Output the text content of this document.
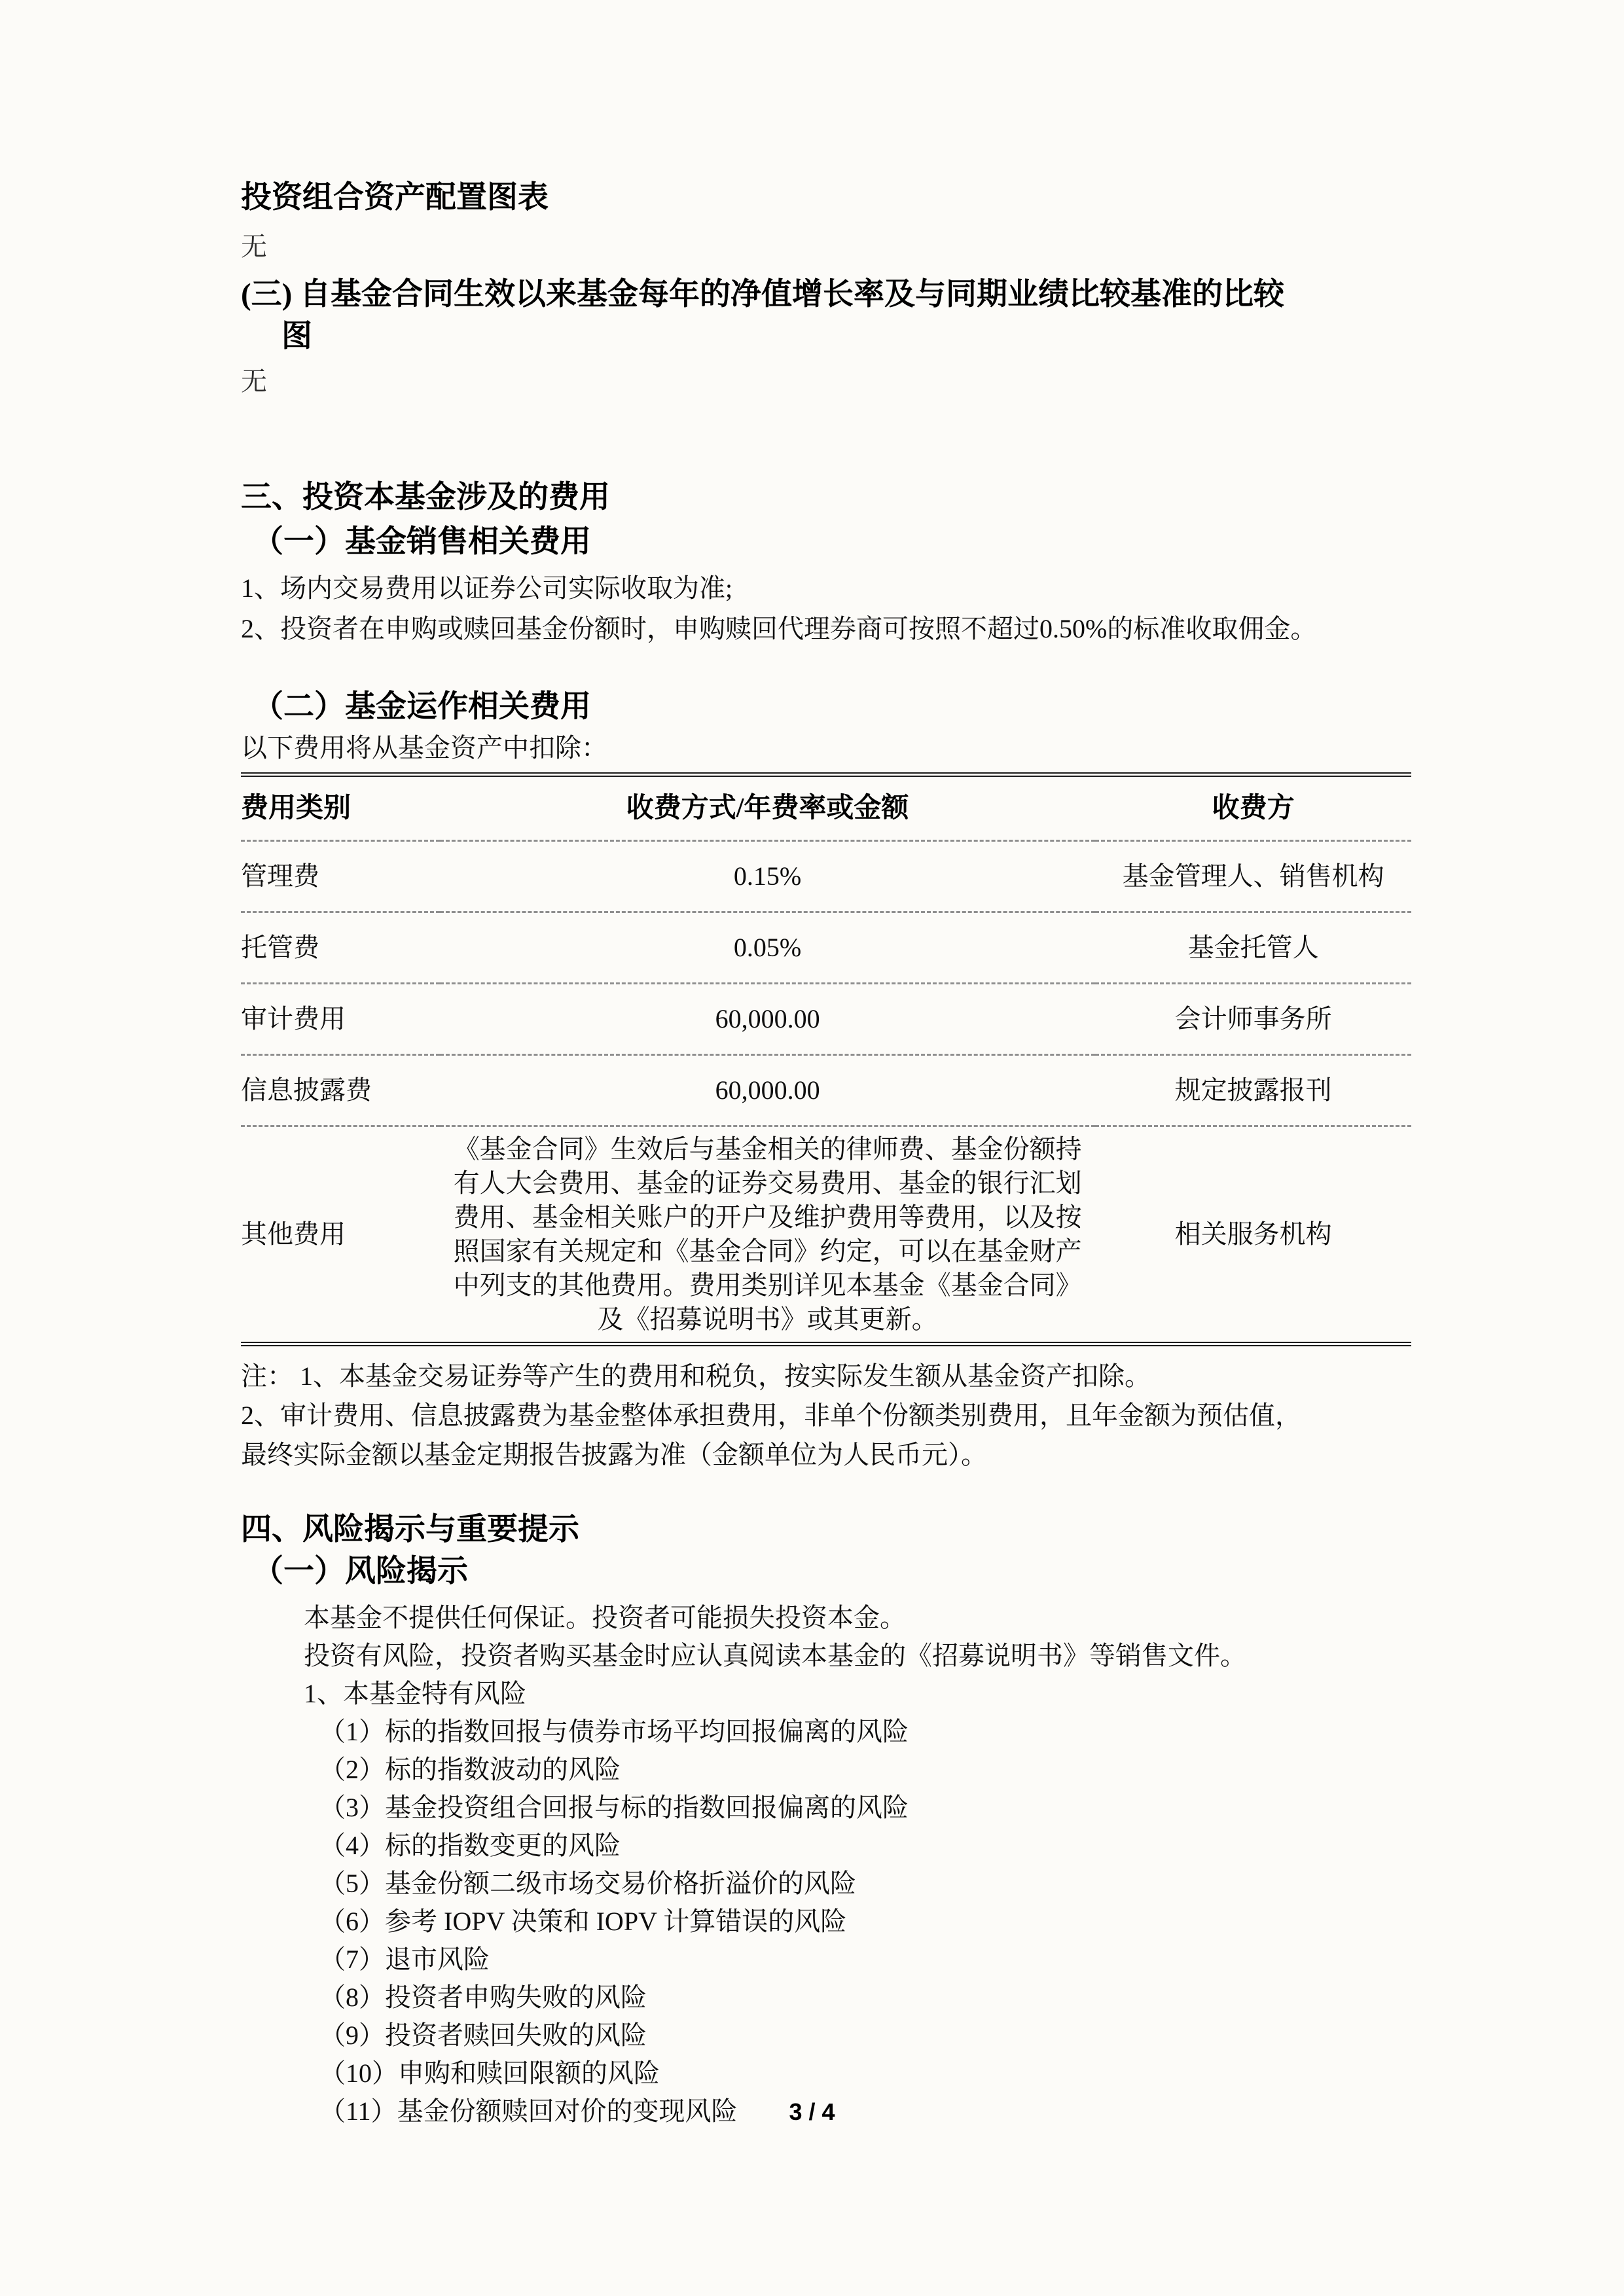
投资组合资产配置图表

无

(三) 自基金合同生效以来基金每年的净值增长率及与同期业绩比较基准的比较
图

无

三、投资本基金涉及的费用
（一）基金销售相关费用

1、场内交易费用以证券公司实际收取为准;

2、投资者在申购或赎回基金份额时，申购赎回代理券商可按照不超过0.50%的标准收取佣金。

（二）基金运作相关费用

以下费用将从基金资产中扣除：

费用类别	收费方式/年费率或金额	收费方
管理费	0.15%	基金管理人、销售机构
托管费	0.05%	基金托管人
审计费用	60,000.00	会计师事务所
信息披露费	60,000.00	规定披露报刊
其他费用	《基金合同》生效后与基金相关的律师费、基金份额持有人大会费用、基金的证券交易费用、基金的银行汇划费用、基金相关账户的开户及维护费用等费用，以及按照国家有关规定和《基金合同》约定，可以在基金财产中列支的其他费用。费用类别详见本基金《基金合同》及《招募说明书》或其更新。	相关服务机构

注： 1、本基金交易证券等产生的费用和税负，按实际发生额从基金资产扣除。

2、审计费用、信息披露费为基金整体承担费用，非单个份额类别费用，且年金额为预估值，

最终实际金额以基金定期报告披露为准（金额单位为人民币元）。

四、风险揭示与重要提示
（一）风险揭示

本基金不提供任何保证。投资者可能损失投资本金。

投资有风险，投资者购买基金时应认真阅读本基金的《招募说明书》等销售文件。

1、本基金特有风险

（1）标的指数回报与债券市场平均回报偏离的风险

（2）标的指数波动的风险

（3）基金投资组合回报与标的指数回报偏离的风险

（4）标的指数变更的风险

（5）基金份额二级市场交易价格折溢价的风险

（6）参考 IOPV 决策和 IOPV 计算错误的风险

（7）退市风险

（8）投资者申购失败的风险

（9）投资者赎回失败的风险

（10）申购和赎回限额的风险

（11）基金份额赎回对价的变现风险	3 / 4
